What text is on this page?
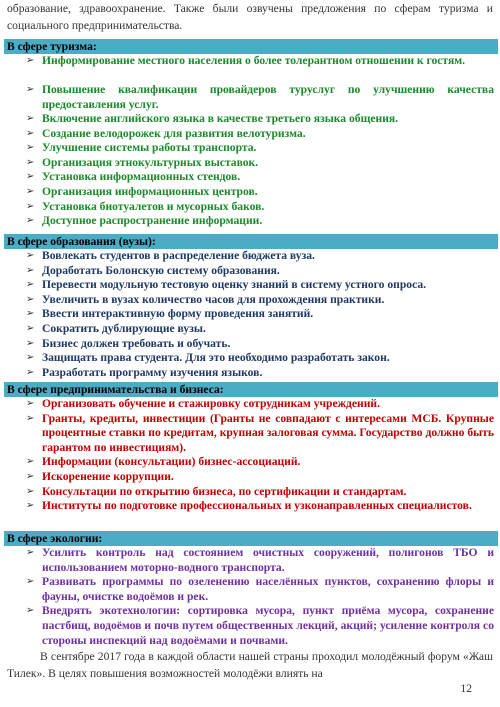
образование, здравоохранение. Также были озвучены предложения по сферам туризма и социального предпринимательства.
В сфере туризма:
➢ Информирование местного населения о более толерантном отношении к гостям.
➢ Повышение квалификации провайдеров туруслуг по улучшению качества предоставления услуг.
➢ Включение английского языка в качестве третьего языка общения.
➢ Создание велодорожек для развития велотуризма.
➢ Улучшение системы работы транспорта.
➢ Организация этнокультурных выставок.
➢ Установка информационных стендов.
➢ Организация информационных центров.
➢ Установка биотуалетов и мусорных баков.
➢ Доступное распространение информации.
В сфере образования (вузы):
➢ Вовлекать студентов в распределение бюджета вуза.
➢ Доработать Болонскую систему образования.
➢ Перевести модульную тестовую оценку знаний в систему устного опроса.
➢ Увеличить в вузах количество часов для прохождения практики.
➢ Ввести интерактивную форму проведения занятий.
➢ Сократить дублирующие вузы.
➢ Бизнес должен требовать и обучать.
➢ Защищать права студента. Для это необходимо разработать закон.
➢ Разработать программу изучения языков.
В сфере предпринимательства и бизнеса:
➢ Организовать обучение и стажировку сотрудникам учреждений.
➢ Гранты, кредиты, инвестиции (Гранты не совпадают с интересами МСБ. Крупные процентные ставки по кредитам, крупная залоговая сумма. Государство должно быть гарантом по инвестициям).
➢ Информации (консультации) бизнес-ассоциаций.
➢ Искоренение коррупции.
➢ Консультации по открытию бизнеса, по сертификации и стандартам.
➢ Институты по подготовке профессиональных и узконаправленных специалистов.
В сфере экологии:
➢ Усилить контроль над состоянием очистных сооружений, полигонов ТБО и использованием моторно-водного транспорта.
➢ Развивать программы по озеленению населённых пунктов, сохранению флоры и фауны, очистке водоёмов и рек.
➢ Внедрять экотехнологии: сортировка мусора, пункт приёма мусора, сохранение пастбищ, водоёмов и почв путем общественных лекций, акций; усиление контроля со стороны инспекций над водоёмами и почвами.
В сентябре 2017 года в каждой области нашей страны проходил молодёжный форум «Жаш Тилек». В целях повышения возможностей молодёжи влиять на
12
